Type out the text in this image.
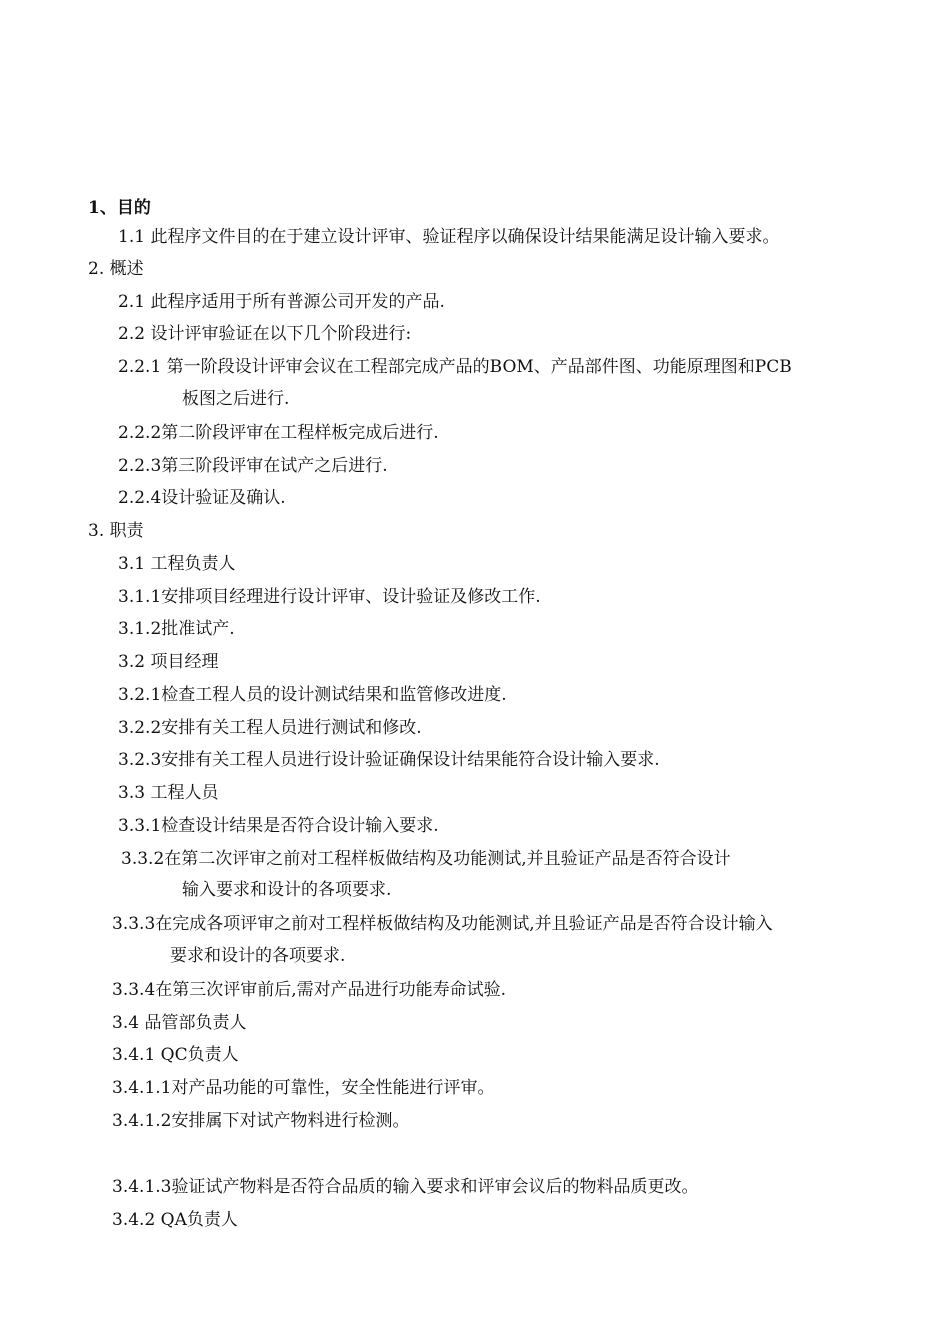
1、目的
1.1 此程序文件目的在于建立设计评审、验证程序以确保设计结果能满足设计输入要求。
2. 概述
2.1 此程序适用于所有普源公司开发的产品.
2.2 设计评审验证在以下几个阶段进行:
2.2.1 第一阶段设计评审会议在工程部完成产品的BOM、产品部件图、功能原理图和PCB
板图之后进行.
2.2.2第二阶段评审在工程样板完成后进行.
2.2.3第三阶段评审在试产之后进行.
2.2.4设计验证及确认.
3. 职责
3.1 工程负责人
3.1.1安排项目经理进行设计评审、设计验证及修改工作.
3.1.2批准试产.
3.2 项目经理
3.2.1检查工程人员的设计测试结果和监管修改进度.
3.2.2安排有关工程人员进行测试和修改.
3.2.3安排有关工程人员进行设计验证确保设计结果能符合设计输入要求.
3.3 工程人员
3.3.1检查设计结果是否符合设计输入要求.
3.3.2在第二次评审之前对工程样板做结构及功能测试,并且验证产品是否符合设计
输入要求和设计的各项要求.
3.3.3在完成各项评审之前对工程样板做结构及功能测试,并且验证产品是否符合设计输入
要求和设计的各项要求.
3.3.4在第三次评审前后,需对产品进行功能寿命试验.
3.4 品管部负责人
3.4.1 QC负责人
3.4.1.1对产品功能的可靠性，安全性能进行评审。
3.4.1.2安排属下对试产物料进行检测。
3.4.1.3验证试产物料是否符合品质的输入要求和评审会议后的物料品质更改。
3.4.2 QA负责人
